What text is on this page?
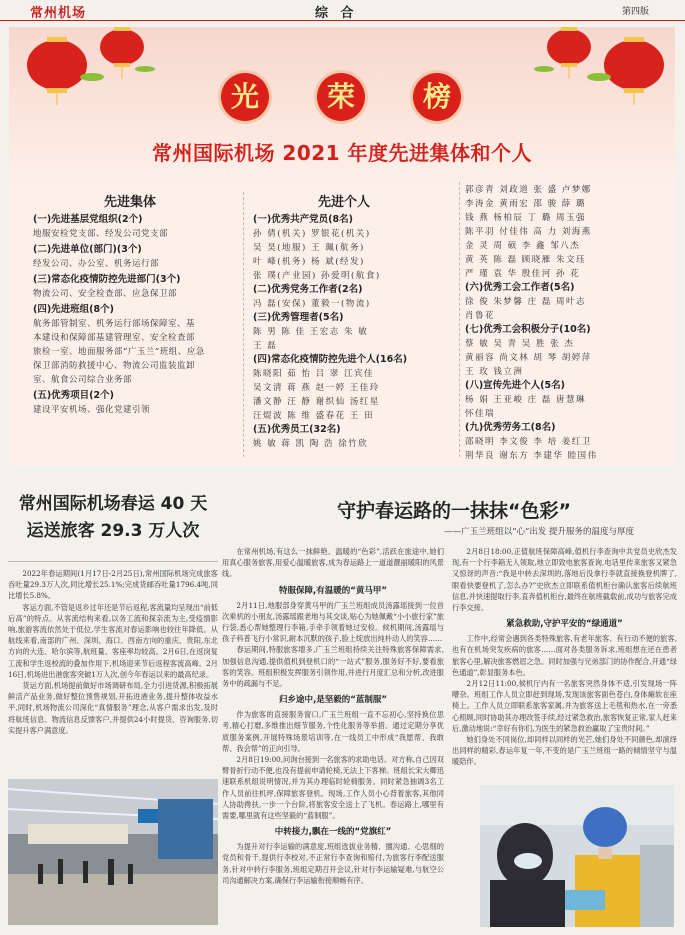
常州机场	综 合	第四版
光	荣	榜
常州国际机场 2021 年度先进集体和个人
先进集体
(一)先进基层党组织(2个)
地服安检党支部、经发公司党支部
(二)先进单位(部门)(3个)
经发公司、办公室、机务运行部
(三)常态化疫情防控先进部门(3个)
物流公司、安全检查部、应急保卫部
(四)先进班组(8个)
航务部管制室、机务运行部场保障室、基
本建设和保障部基建管理室、安全检查部
旅检一室、地面服务部“广玉兰”班组、应急
保卫部消防救援中心、物流公司监装监卸
室、航食公司综合业务部
(五)优秀项目(2个)
建设平安机场、强化党建引领
先进个人
(一)优秀共产党员(8名)
孙 倩(机关) 罗银花(机关)
吴 昊(地服) 王 珮(航务)
叶 峰(机务) 杨 斌(经发)
张 璞(产业园) 孙爱明(航食)
(二)优秀党务工作者(2名)
冯 磊(安保) 董毅一(物流)
(三)优秀管理者(5名)
陈 男 陈 佳 王宏志 朱 敏
王 磊
(四)常态化疫情防控先进个人(16名)
陈晓阳 茹 怡 吕 翠 江宾佳
吴文清 蒋 燕 赵一婷 王佳玲
潘文静 汪 静 谢织仙 汤红星
汪焜波 陈 维 盛春花 王 田
(五)优秀员工(32名)
姚 敏 蒋 凯 陶 浩 徐竹欣
郭彦青 刘政道 张 盛 卢梦娜
李涛金 黄雨宏 邵 骏 薛 璐
钱 燕 杨柏辰 丁 璐 周玉强
陈平羽 付佳伟 高 力 刘海燕
金 灵 周 硕 李 鑫 邹八杰
黄 英 陈 磊 顾晓雁 朱文珏
严 瑾 袁 华 殷佳河 孙 花
(六)优秀工会工作者(5名)
徐 俊 朱梦馨 庄 磊 周叶志
肖鲁花
(七)优秀工会积极分子(10名)
蔡 敏 吴 青 吴 胜 张 杰
黄丽容 尚文林 胡 琴 胡婷萍
王 玫 钱立洲
(八)宣传先进个人(5名)
杨 娟 王亚峻 庄 磊 唐慧琳
怀佳瑞
(九)优秀劳务工(8名)
邵晓明 李文俊 李 培 姜红卫
荆华良 谢东方 李建华 睦国伟
常州国际机场春运 40 天
运送旅客 29.3 万人次

2022年春运期间(1月17日-2月25日),常州国际机场完成旅客吞吐量29.3万人次,同比增长25.1%;完成货邮吞吐量1796.4吨,同比增长5.8%。

客运方面,不管是返乡过年还是节后返程,客流量均呈现出“前低后高”的特点。从客流结构来看,以务工流和探亲流为主,受疫情影响,旅游客流依然处于低位,学生客流对春运影响也较往年降低。从航线来看,南部的广州、深圳、海口、西南方向的重庆、贵阳,东北方向的大连、哈尔滨等,航班量、客座率均较高。2月6日,在返岗复工流和学生返校流的叠加作用下,机场迎来节后返程客流高峰。2月16日,机场进出港旅客突破1万人次,创今年春运以来的最高纪录。

货运方面,机场提前做好市场调研布局,全力引进货源,积极拓展鲜活产品业务,做好整位预售规划,开拓进港业务,提升整体收益水平,同时,机场物流公司深化“真情服务”理念,从客户需求出发,及时将航班信息、物流信息反馈客户,并提供24小时提货、咨询服务,切实提升客户满意度。

守护春运路的一抹抹“色彩”
——广玉兰班组以“心”出发 提升服务的温度与厚度

在常州机场,有这么一抹鲜艳、温暖的“色彩”,活跃在旅途中,她们用真心服务旅客,用爱心温暖旅客,成为春运路上一道道靓丽暖阳的风景线。

特服保障,有温暖的“黄马甲”

2月11日,地服部身穿黄马甲的广玉兰班组成员汤露瑶接到一位首次乘机的小朋友,汤露瑶跟老地与其交谈,贴心为她佩戴“小小旅行家”旅行袋,悉心帮她整理行李箱,手牵手领着她过安检。候机期间,汤露瑶与孩子科普飞行小常识,耐本沉默的孩子,脸上绽放出纯朴动人的笑容……

春运期间,特服旅客增多,广玉兰班组持续关注特殊旅客保障需求,加强信息沟通,提供值机到登机口的“一站式”服务,服务好不好,要看旅客的笑容。班组积极发挥服务引领作用,并进行月度汇总和分析,改进服务中的疏漏与不足。

归乡途中,是坚毅的“蓝制服”

作为旅客的直接服务窗口,广玉兰班组一直不忘初心,坚持换位思考,精心打磨,多维推出细节服务,个性化服务等举措。通过定期分享优质服务案例,开展特殊场景培训等,在一线员工中形成“我愿帮、我敢帮、我会帮”的正向引导。

2月8日19:00,问询台接到一名旅客的求助电话。对方称,自己因双臂骨折行动不便,也没有提前申请轮椅,无法上下客梯。班组长宋大卿迅速联系机组说明情况,并为其办理临时轮椅服务。同时紧急抽调3名工作人员前往机坪,保障旅客登机。现场,工作人员小心背着旅客,其他同人协助搀扶,一步一个台阶,将旅客安全送上了飞机。春运路上,哪里有需要,哪里就有这些坚毅的“蓝制服”。

中转接力,飘在一线的“党旗红”

为提升对行李运输的满意度,班组选拔业务精、擅沟通、心思细的党员和骨干,提供行李校对,不正常行李查询和赔付,为旅客行李配送服务,针对中转行李服务,班组定期召开会议,针对行李运输疑难,与航空公司沟通解决方案,确保行李运输衔接顺畅有序。

2月8日18:00,正值航班保障高峰,值机行李查询中共党员史欣杰发现,有一个行李箱无人领取,地立即致电旅客查询,电话里传来旅客又紧急又惊讶的声音:“我是中转去深圳的,落地后没拿行李就直接换登机牌了,眼看快要登机了,怎么办?”史欣杰立即联系值机柜台确认旅客后续航班信息,并快速提取行李,直奔值机柜台,最终在航班截载前,成功与旅客完成行李交接。

紧急救助,守护平安的“绿通道”

工作中,经常会遇到各类特殊旅客,有老年旅客、有行动不便的旅客,也有在机场突发疾病的旅客……面对各类服务诉求,班组想在还在患者旅客心里,解决旅客燃眉之急。同时加强与兄弟部门的协作配合,开通“绿色通道”,彰显服务本色。

2月12日11:00,候机厅内有一名旅客突然身体不适,引发现场一阵嘈杂。班组工作人员立即赶到现场,发现该旅客面色苍白,身体瘫软在座椅上。工作人员立即联系旅客家属,并为旅客送上毛毯和热水,在一旁悉心照顾,同时协助其办理改签手续,经过紧急救治,旅客恢复正常,家人赶来后,激动地说:“幸好有你们,为医生的紧急救治赢取了宝贵时间。”

她们身处不同岗位,却同样以同样的光芒,她们身处不同颜色,却演绎出同样的精彩,春运年复一年,不变的是广玉兰班组一路的倾情坚守与温暖陪伴。
